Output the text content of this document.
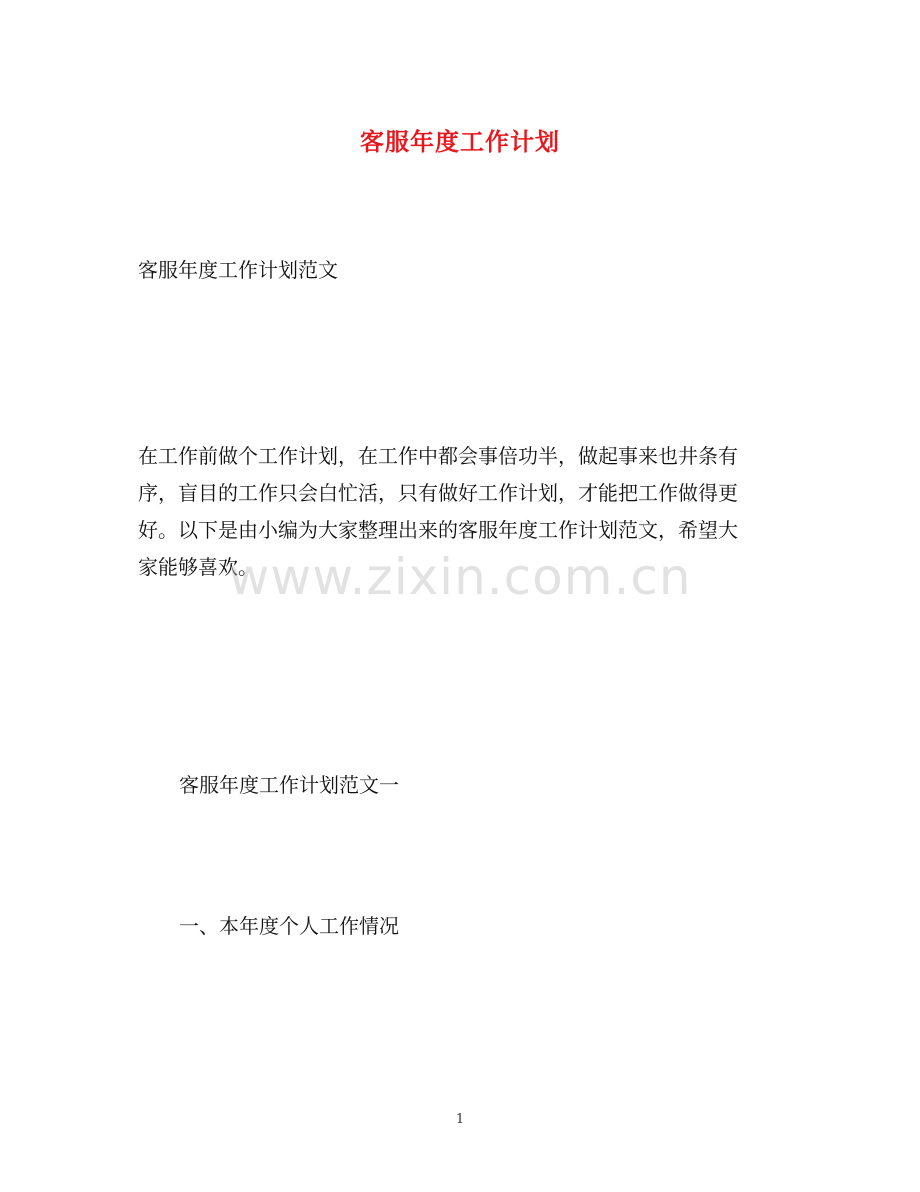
客服年度工作计划

客服年度工作计划范文

在工作前做个工作计划，在工作中都会事倍功半，做起事来也井条有

序，盲目的工作只会白忙活，只有做好工作计划，才能把工作做得更

好。以下是由小编为大家整理出来的客服年度工作计划范文，希望大

家能够喜欢。

www.zixin.com.cn

客服年度工作计划范文一

一、本年度个人工作情况

1
